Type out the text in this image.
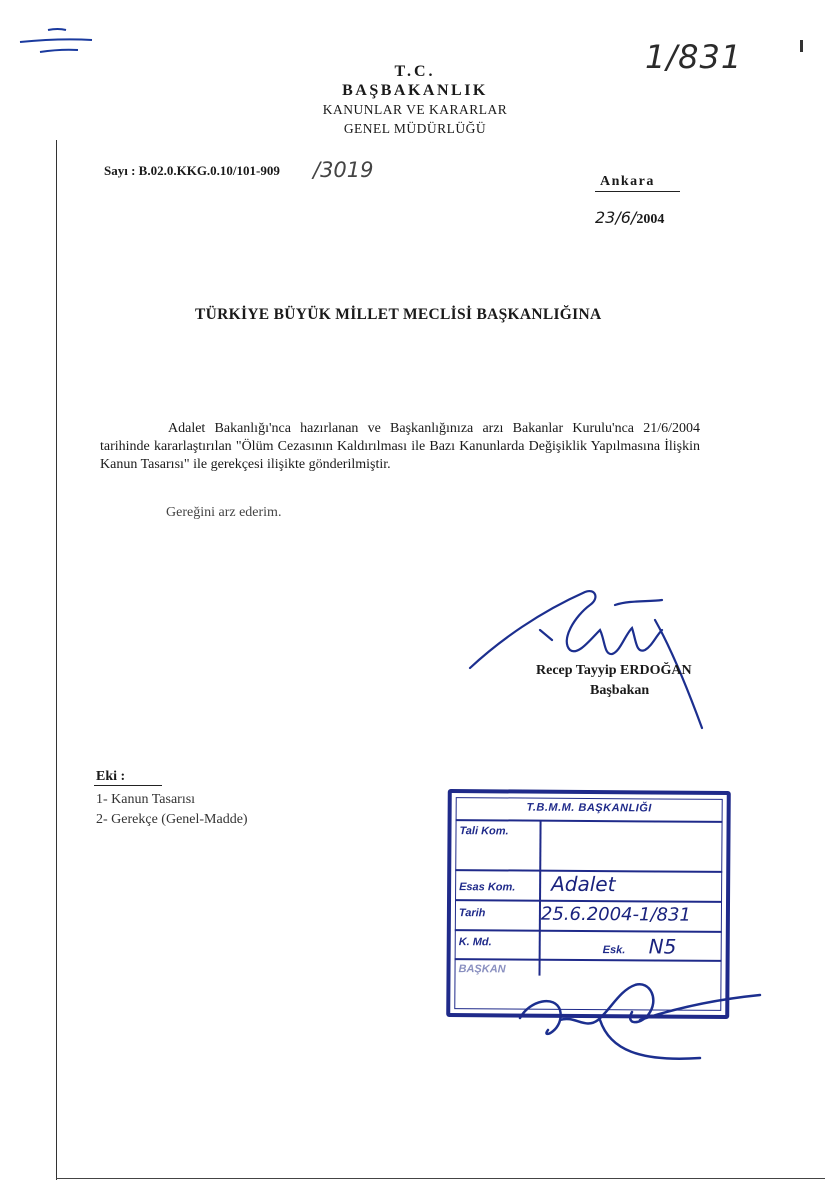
1/831
T.C.
BAŞBAKANLIK
KANUNLAR VE KARARLAR
GENEL MÜDÜRLÜĞÜ
Sayı : B.02.0.KKG.0.10/101-909 /3019	Ankara
23/6/2004
TÜRKİYE BÜYÜK MİLLET MECLİSİ BAŞKANLIĞINA
Adalet Bakanlığı'nca hazırlanan ve Başkanlığınıza arzı Bakanlar Kurulu'nca 21/6/2004 tarihinde kararlaştırılan "Ölüm Cezasının Kaldırılması ile Bazı Kanunlarda Değişiklik Yapılmasına İlişkin Kanun Tasarısı" ile gerekçesi ilişikte gönderilmiştir.
Gereğini arz ederim.
Recep Tayyip ERDOĞAN
Başbakan
Eki :
1- Kanun Tasarısı
2- Gerekçe (Genel-Madde)
T.B.M.M. BAŞKANLIĞI
Tali Kom.
Esas Kom. Adalet
Tarih	25.6.2004-1/831
K. Md.
Esk. N5
BAŞKAN
